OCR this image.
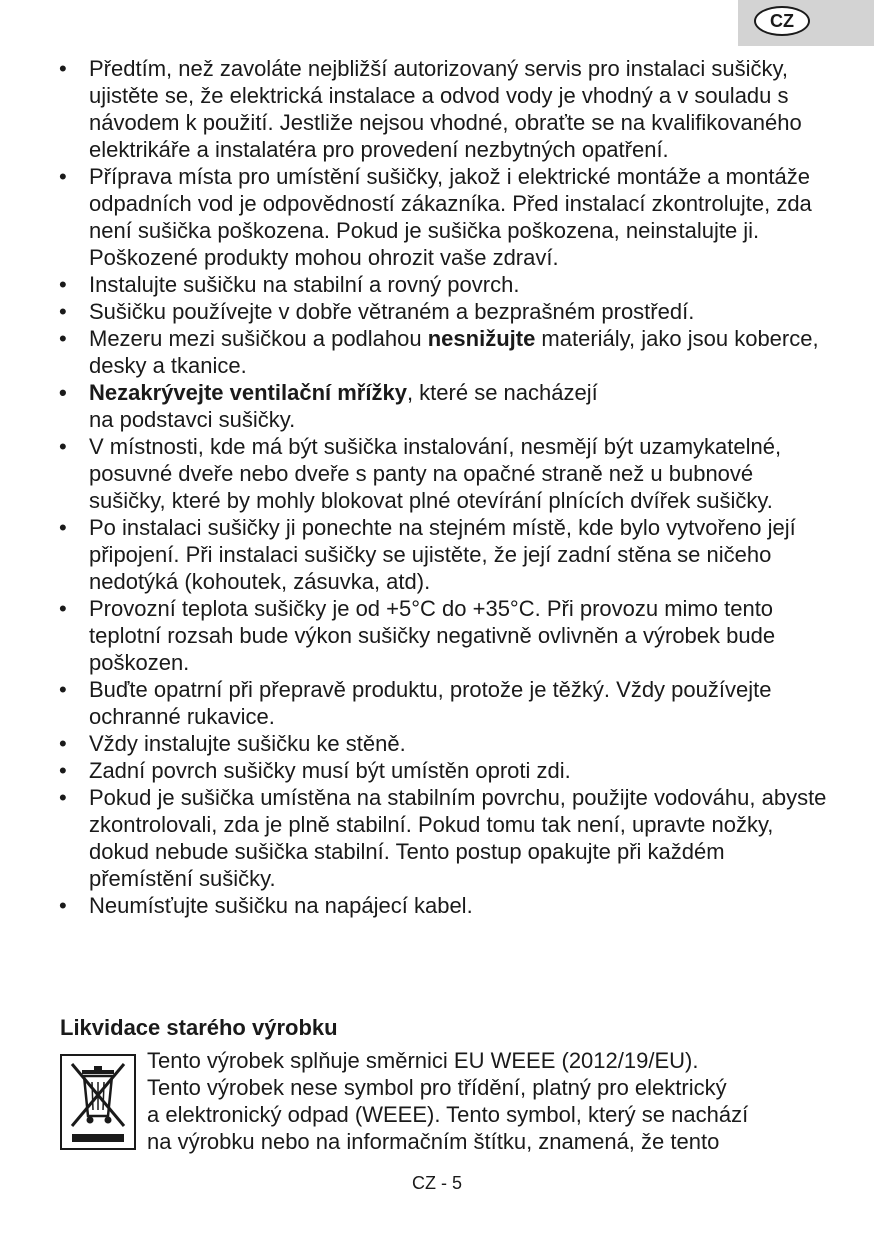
CZ
• Předtím, než zavoláte nejbližší autorizovaný servis pro instalaci sušičky, ujistěte se, že elektrická instalace a odvod vody je vhodný a v souladu s návodem k použití. Jestliže nejsou vhodné, obraťte se na kvalifikovaného elektrikáře a instalatéra pro provedení nezbytných opatření.
• Příprava místa pro umístění sušičky, jakož i elektrické montáže a montáže odpadních vod je odpovědností zákazníka. Před instalací zkontrolujte, zda není sušička poškozena. Pokud je sušička poškozena, neinstalujte ji. Poškozené produkty mohou ohrozit vaše zdraví.
• Instalujte sušičku na stabilní a rovný povrch.
• Sušičku používejte v dobře větraném a bezprašném prostředí.
• Mezeru mezi sušičkou a podlahou nesnižujte materiály, jako jsou koberce, desky a tkanice.
• Nezakrývejte ventilační mřížky, které se nacházejí
na podstavci sušičky.
• V místnosti, kde má být sušička instalování, nesmějí být uzamykatelné, posuvné dveře nebo dveře s panty na opačné straně než u bubnové sušičky, které by mohly blokovat plné otevírání plnících dvířek sušičky.
• Po instalaci sušičky ji ponechte na stejném místě, kde bylo vytvořeno její připojení. Při instalaci sušičky se ujistěte, že její zadní stěna se ničeho nedotýká (kohoutek, zásuvka, atd).
• Provozní teplota sušičky je od +5°C do +35°C. Při provozu mimo tento teplotní rozsah bude výkon sušičky negativně ovlivněn a výrobek bude poškozen.
• Buďte opatrní při přepravě produktu, protože je těžký. Vždy používejte ochranné rukavice.
• Vždy instalujte sušičku ke stěně.
• Zadní povrch sušičky musí být umístěn oproti zdi.
• Pokud je sušička umístěna na stabilním povrchu, použijte vodováhu, abyste zkontrolovali, zda je plně stabilní. Pokud tomu tak není, upravte nožky, dokud nebude sušička stabilní. Tento postup opakujte při každém přemístění sušičky.
• Neumísťujte sušičku na napájecí kabel.
Likvidace starého výrobku
Tento výrobek splňuje směrnici EU WEEE (2012/19/EU).
Tento výrobek nese symbol pro třídění, platný pro elektrický
a elektronický odpad (WEEE). Tento symbol, který se nachází
na výrobku nebo na informačním štítku, znamená, že tento
CZ - 5
